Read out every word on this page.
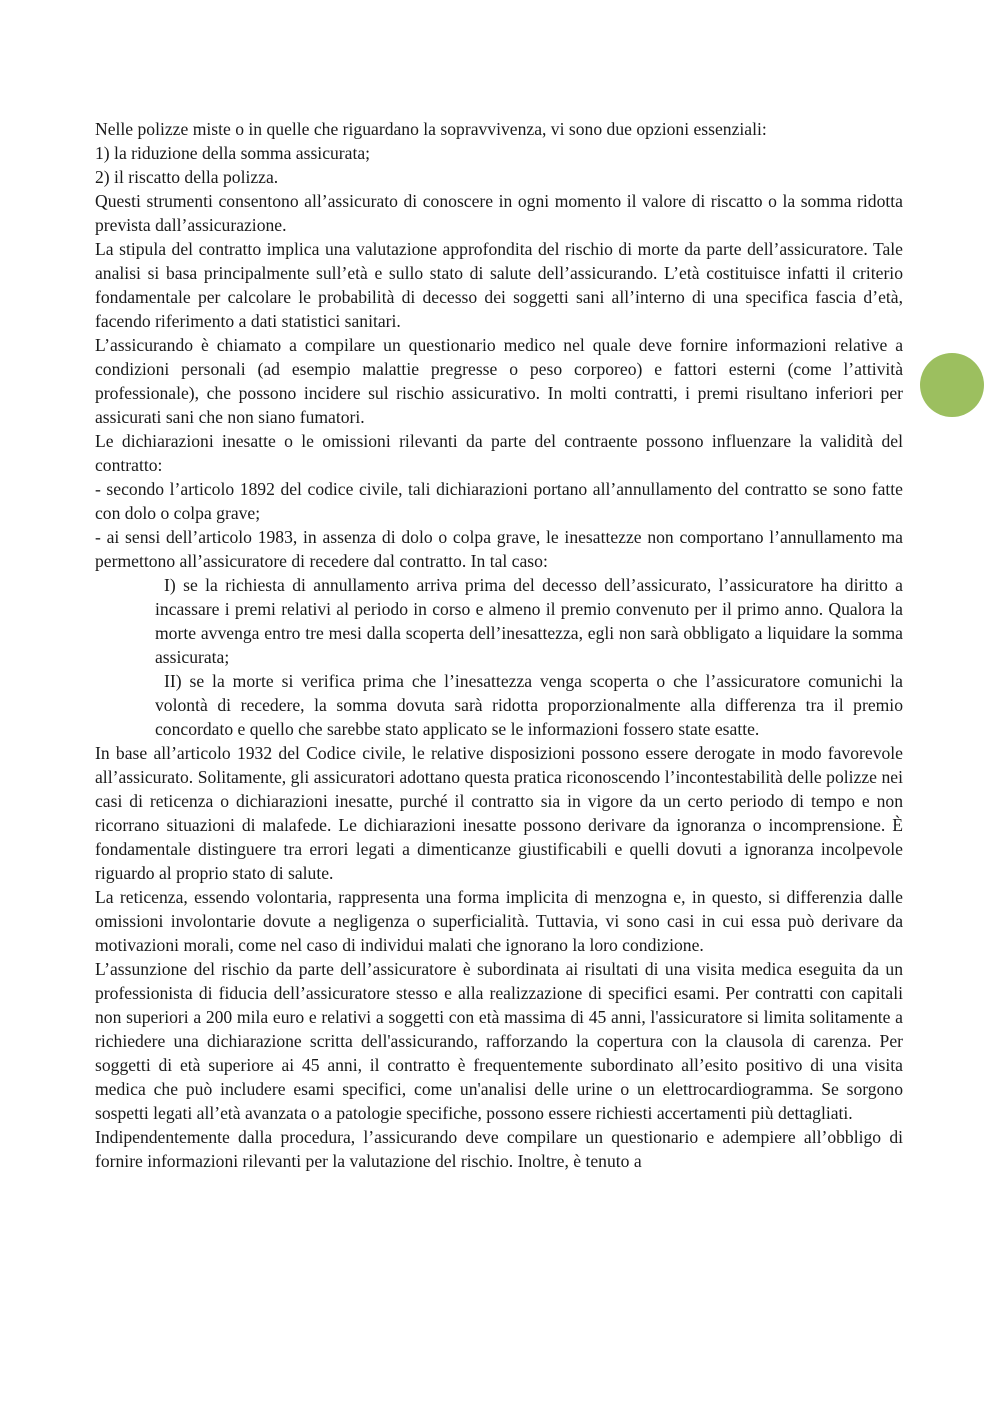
Nelle polizze miste o in quelle che riguardano la sopravvivenza, vi sono due opzioni essenziali:

1) la riduzione della somma assicurata;

2) il riscatto della polizza.

Questi strumenti consentono all’assicurato di conoscere in ogni momento il valore di riscatto o la somma ridotta prevista dall’assicurazione.

La stipula del contratto implica una valutazione approfondita del rischio di morte da parte dell’assicuratore. Tale analisi si basa principalmente sull’età e sullo stato di salute dell’assicurando. L’età costituisce infatti il criterio fondamentale per calcolare le probabilità di decesso dei soggetti sani all’interno di una specifica fascia d’età, facendo riferimento a dati statistici sanitari.

L’assicurando è chiamato a compilare un questionario medico nel quale deve fornire informazioni relative a condizioni personali (ad esempio malattie pregresse o peso corporeo) e fattori esterni (come l’attività professionale), che possono incidere sul rischio assicurativo. In molti contratti, i premi risultano inferiori per assicurati sani che non siano fumatori.

Le dichiarazioni inesatte o le omissioni rilevanti da parte del contraente possono influenzare la validità del contratto:

- secondo l’articolo 1892 del codice civile, tali dichiarazioni portano all’annullamento del contratto se sono fatte con dolo o colpa grave;

- ai sensi dell’articolo 1983, in assenza di dolo o colpa grave, le inesattezze non comportano l’annullamento ma permettono all’assicuratore di recedere dal contratto. In tal caso:

I) se la richiesta di annullamento arriva prima del decesso dell’assicurato, l’assicuratore ha diritto a incassare i premi relativi al periodo in corso e almeno il premio convenuto per il primo anno. Qualora la morte avvenga entro tre mesi dalla scoperta dell’inesattezza, egli non sarà obbligato a liquidare la somma assicurata;

II) se la morte si verifica prima che l’inesattezza venga scoperta o che l’assicuratore comunichi la volontà di recedere, la somma dovuta sarà ridotta proporzionalmente alla differenza tra il premio concordato e quello che sarebbe stato applicato se le informazioni fossero state esatte.

In base all’articolo 1932 del Codice civile, le relative disposizioni possono essere derogate in modo favorevole all’assicurato. Solitamente, gli assicuratori adottano questa pratica riconoscendo l’incontestabilità delle polizze nei casi di reticenza o dichiarazioni inesatte, purché il contratto sia in vigore da un certo periodo di tempo e non ricorrano situazioni di malafede. Le dichiarazioni inesatte possono derivare da ignoranza o incomprensione. È fondamentale distinguere tra errori legati a dimenticanze giustificabili e quelli dovuti a ignoranza incolpevole riguardo al proprio stato di salute.

La reticenza, essendo volontaria, rappresenta una forma implicita di menzogna e, in questo, si differenzia dalle omissioni involontarie dovute a negligenza o superficialità. Tuttavia, vi sono casi in cui essa può derivare da motivazioni morali, come nel caso di individui malati che ignorano la loro condizione.

L’assunzione del rischio da parte dell’assicuratore è subordinata ai risultati di una visita medica eseguita da un professionista di fiducia dell’assicuratore stesso e alla realizzazione di specifici esami. Per contratti con capitali non superiori a 200 mila euro e relativi a soggetti con età massima di 45 anni, l'assicuratore si limita solitamente a richiedere una dichiarazione scritta dell'assicurando, rafforzando la copertura con la clausola di carenza. Per soggetti di età superiore ai 45 anni, il contratto è frequentemente subordinato all’esito positivo di una visita medica che può includere esami specifici, come un'analisi delle urine o un elettrocardiogramma. Se sorgono sospetti legati all’età avanzata o a patologie specifiche, possono essere richiesti accertamenti più dettagliati.

Indipendentemente dalla procedura, l’assicurando deve compilare un questionario e adempiere all’obbligo di fornire informazioni rilevanti per la valutazione del rischio. Inoltre, è tenuto a
